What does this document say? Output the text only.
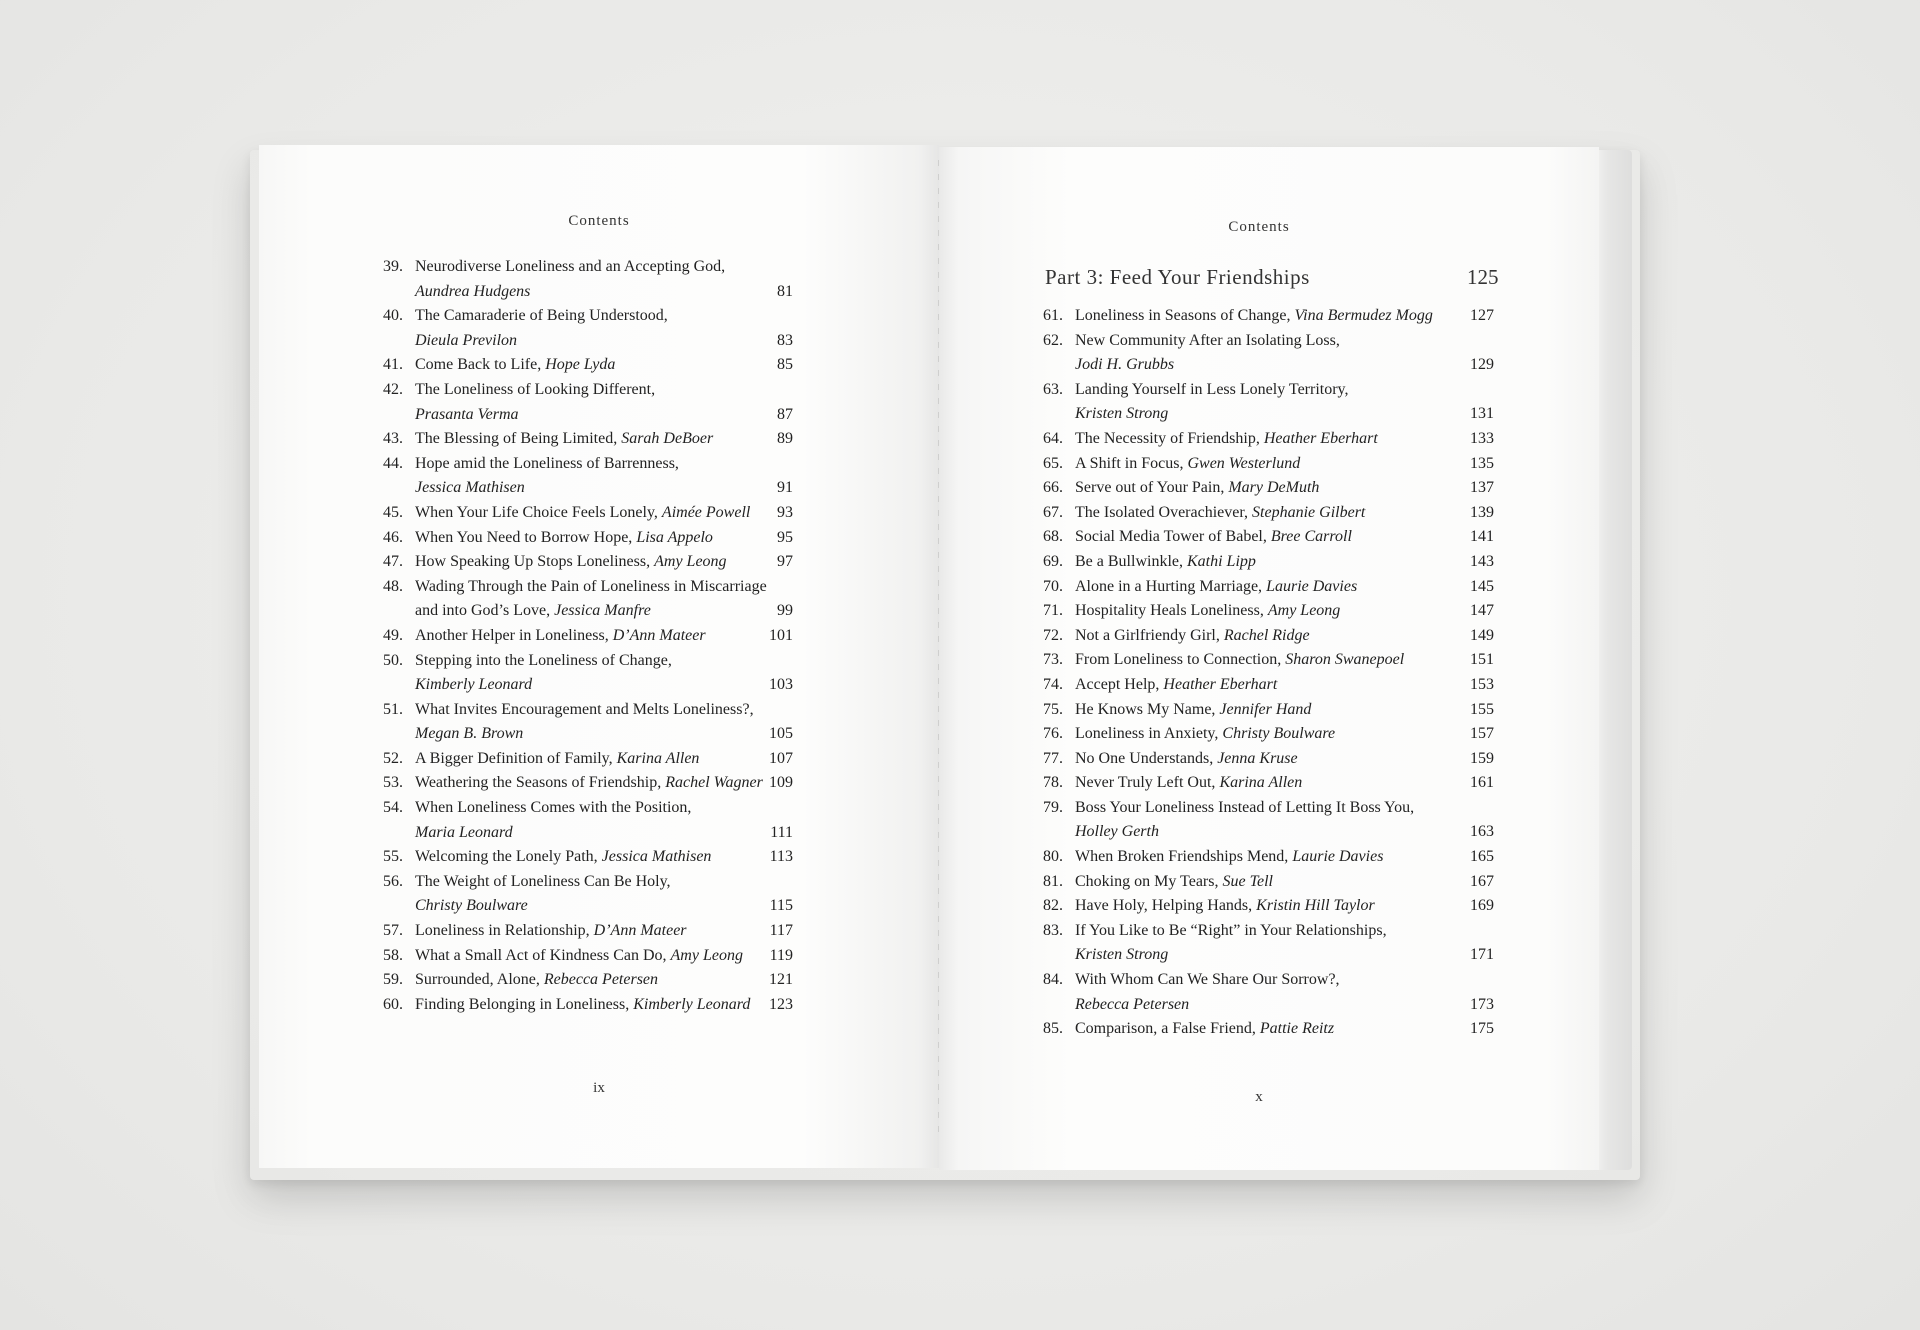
Contents
39. Neurodiverse Loneliness and an Accepting God,
Aundrea Hudgens	81
40. The Camaraderie of Being Understood,
Dieula Previlon	83
41. Come Back to Life, Hope Lyda	85
42. The Loneliness of Looking Different,
Prasanta Verma	87
43. The Blessing of Being Limited, Sarah DeBoer	89
44. Hope amid the Loneliness of Barrenness,
Jessica Mathisen	91
45. When Your Life Choice Feels Lonely, Aimée Powell	93
46. When You Need to Borrow Hope, Lisa Appelo	95
47. How Speaking Up Stops Loneliness, Amy Leong	97
48. Wading Through the Pain of Loneliness in Miscarriage and into God’s Love, Jessica Manfre	99
49. Another Helper in Loneliness, D’Ann Mateer	101
50. Stepping into the Loneliness of Change,
Kimberly Leonard	103
51. What Invites Encouragement and Melts Loneliness?,
Megan B. Brown	105
52. A Bigger Definition of Family, Karina Allen	107
53. Weathering the Seasons of Friendship, Rachel Wagner 109
54. When Loneliness Comes with the Position,
Maria Leonard	111
55. Welcoming the Lonely Path, Jessica Mathisen	113
56. The Weight of Loneliness Can Be Holy,
Christy Boulware	115
57. Loneliness in Relationship, D’Ann Mateer	117
58. What a Small Act of Kindness Can Do, Amy Leong	119
59. Surrounded, Alone, Rebecca Petersen	121
60. Finding Belonging in Loneliness, Kimberly Leonard	123
ix
Contents
Part 3: Feed Your Friendships	125
61. Loneliness in Seasons of Change, Vina Bermudez Mogg	127
62. New Community After an Isolating Loss,
Jodi H. Grubbs	129
63. Landing Yourself in Less Lonely Territory,
Kristen Strong	131
64. The Necessity of Friendship, Heather Eberhart	133
65. A Shift in Focus, Gwen Westerlund	135
66. Serve out of Your Pain, Mary DeMuth	137
67. The Isolated Overachiever, Stephanie Gilbert	139
68. Social Media Tower of Babel, Bree Carroll	141
69. Be a Bullwinkle, Kathi Lipp	143
70. Alone in a Hurting Marriage, Laurie Davies	145
71. Hospitality Heals Loneliness, Amy Leong	147
72. Not a Girlfriendy Girl, Rachel Ridge	149
73. From Loneliness to Connection, Sharon Swanepoel	151
74. Accept Help, Heather Eberhart	153
75. He Knows My Name, Jennifer Hand	155
76. Loneliness in Anxiety, Christy Boulware	157
77. No One Understands, Jenna Kruse	159
78. Never Truly Left Out, Karina Allen	161
79. Boss Your Loneliness Instead of Letting It Boss You,
Holley Gerth	163
80. When Broken Friendships Mend, Laurie Davies	165
81. Choking on My Tears, Sue Tell	167
82. Have Holy, Helping Hands, Kristin Hill Taylor	169
83. If You Like to Be “Right” in Your Relationships,
Kristen Strong	171
84. With Whom Can We Share Our Sorrow?,
Rebecca Petersen	173
85. Comparison, a False Friend, Pattie Reitz	175
x
